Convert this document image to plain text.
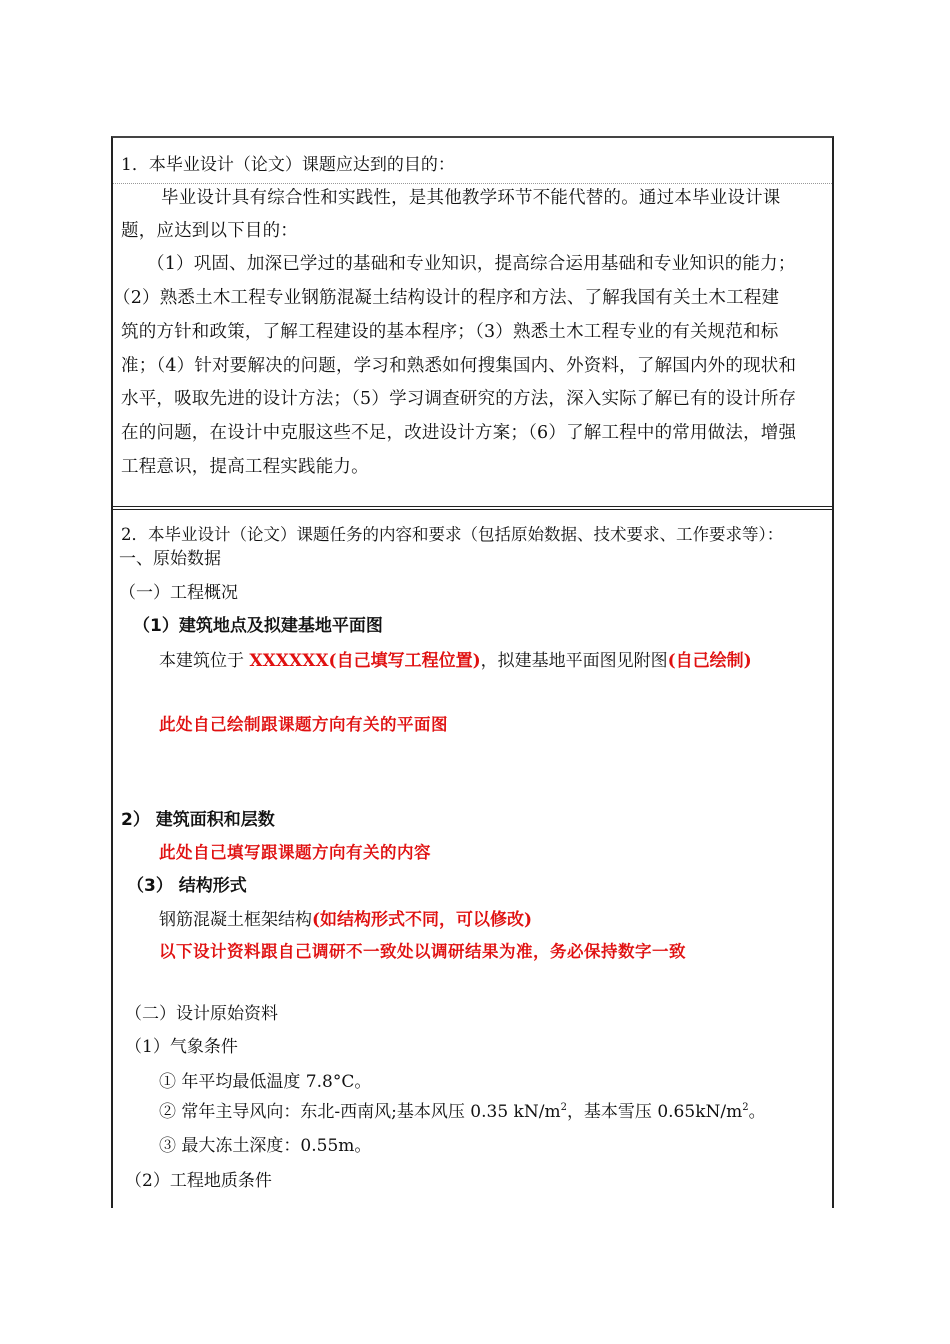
1．本毕业设计（论文）课题应达到的目的：
毕业设计具有综合性和实践性，是其他教学环节不能代替的。通过本毕业设计课
题，应达到以下目的：
（1）巩固、加深已学过的基础和专业知识，提高综合运用基础和专业知识的能力；
（2）熟悉土木工程专业钢筋混凝土结构设计的程序和方法、了解我国有关土木工程建
筑的方针和政策，了解工程建设的基本程序；（3）熟悉土木工程专业的有关规范和标
准；（4）针对要解决的问题，学习和熟悉如何搜集国内、外资料，了解国内外的现状和
水平，吸取先进的设计方法；（5）学习调查研究的方法，深入实际了解已有的设计所存
在的问题，在设计中克服这些不足，改进设计方案；（6）了解工程中的常用做法，增强
工程意识，提高工程实践能力。
2．本毕业设计（论文）课题任务的内容和要求（包括原始数据、技术要求、工作要求等）：
一、原始数据
（一）工程概况
（1）建筑地点及拟建基地平面图
本建筑位于 XXXXXX(自己填写工程位置)，拟建基地平面图见附图(自己绘制)
此处自己绘制跟课题方向有关的平面图
2） 建筑面积和层数
此处自己填写跟课题方向有关的内容
（3） 结构形式
钢筋混凝土框架结构(如结构形式不同，可以修改)
以下设计资料跟自己调研不一致处以调研结果为准，务必保持数字一致
（二）设计原始资料
（1）气象条件
① 年平均最低温度 7.8°C。
② 常年主导风向：东北-西南风;基本风压 0.35 $kN/m^2$，基本雪压 $0.65kN/m^2$。
③ 最大冻土深度：0.55m。
（2）工程地质条件
